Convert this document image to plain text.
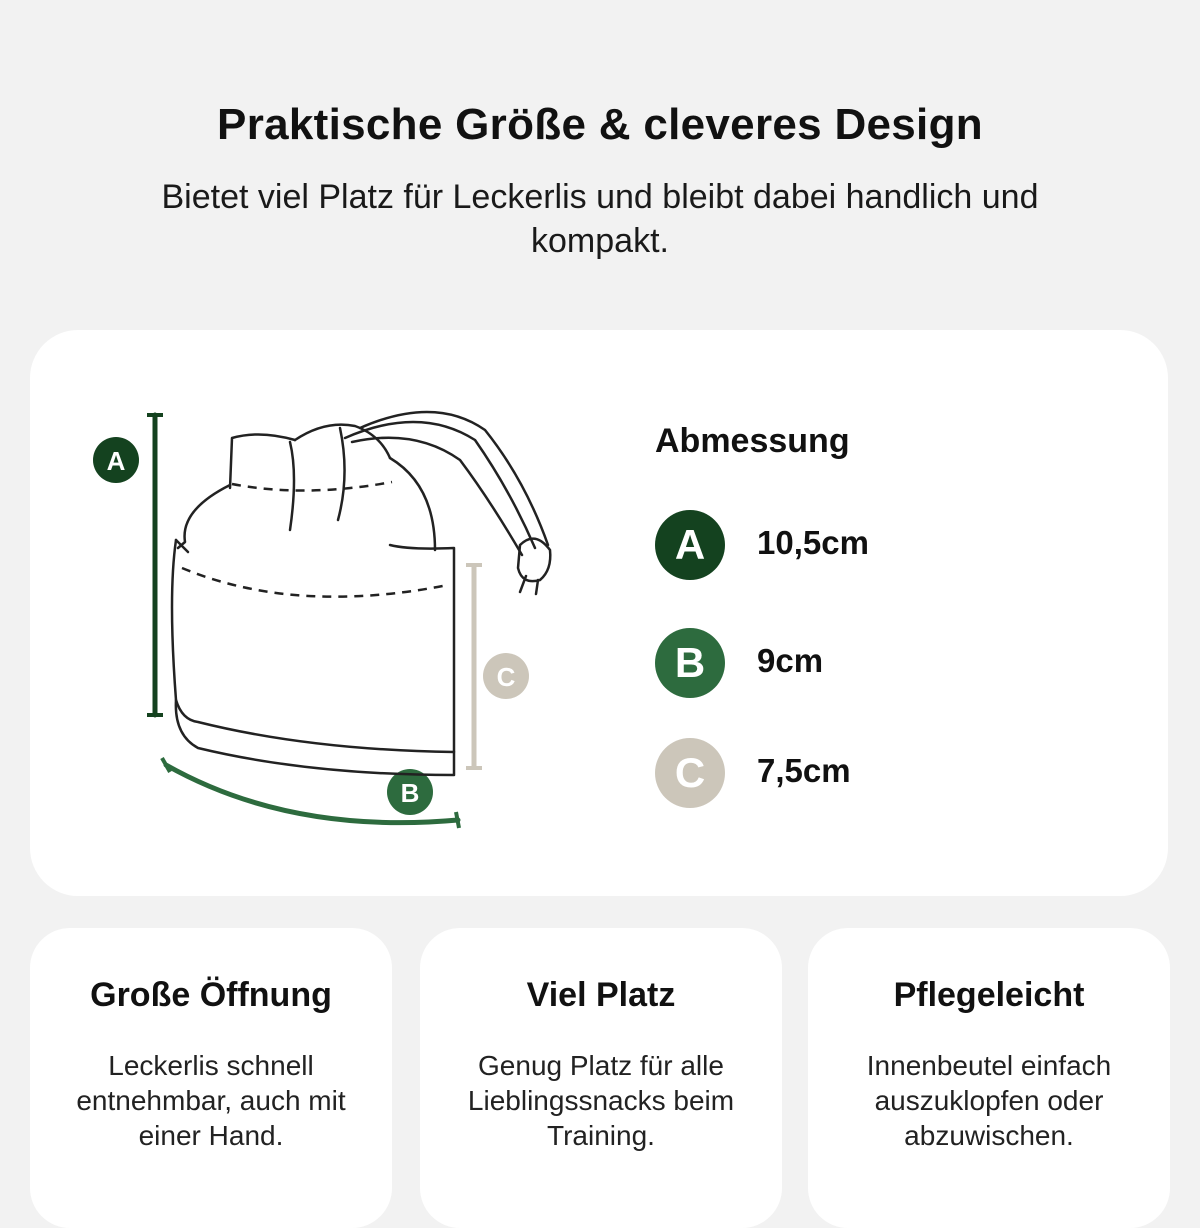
Praktische Größe & cleveres Design

Bietet viel Platz für Leckerlis und bleibt dabei handlich und kompakt.

A
C
B
Abmessung
A	10,5cm
B	9cm
C	7,5cm
Große Öffnung

Leckerlis schnell entnehmbar, auch mit einer Hand.

Viel Platz

Genug Platz für alle Lieblingssnacks beim Training.

Pflegeleicht

Innenbeutel einfach auszuklopfen oder abzuwischen.
